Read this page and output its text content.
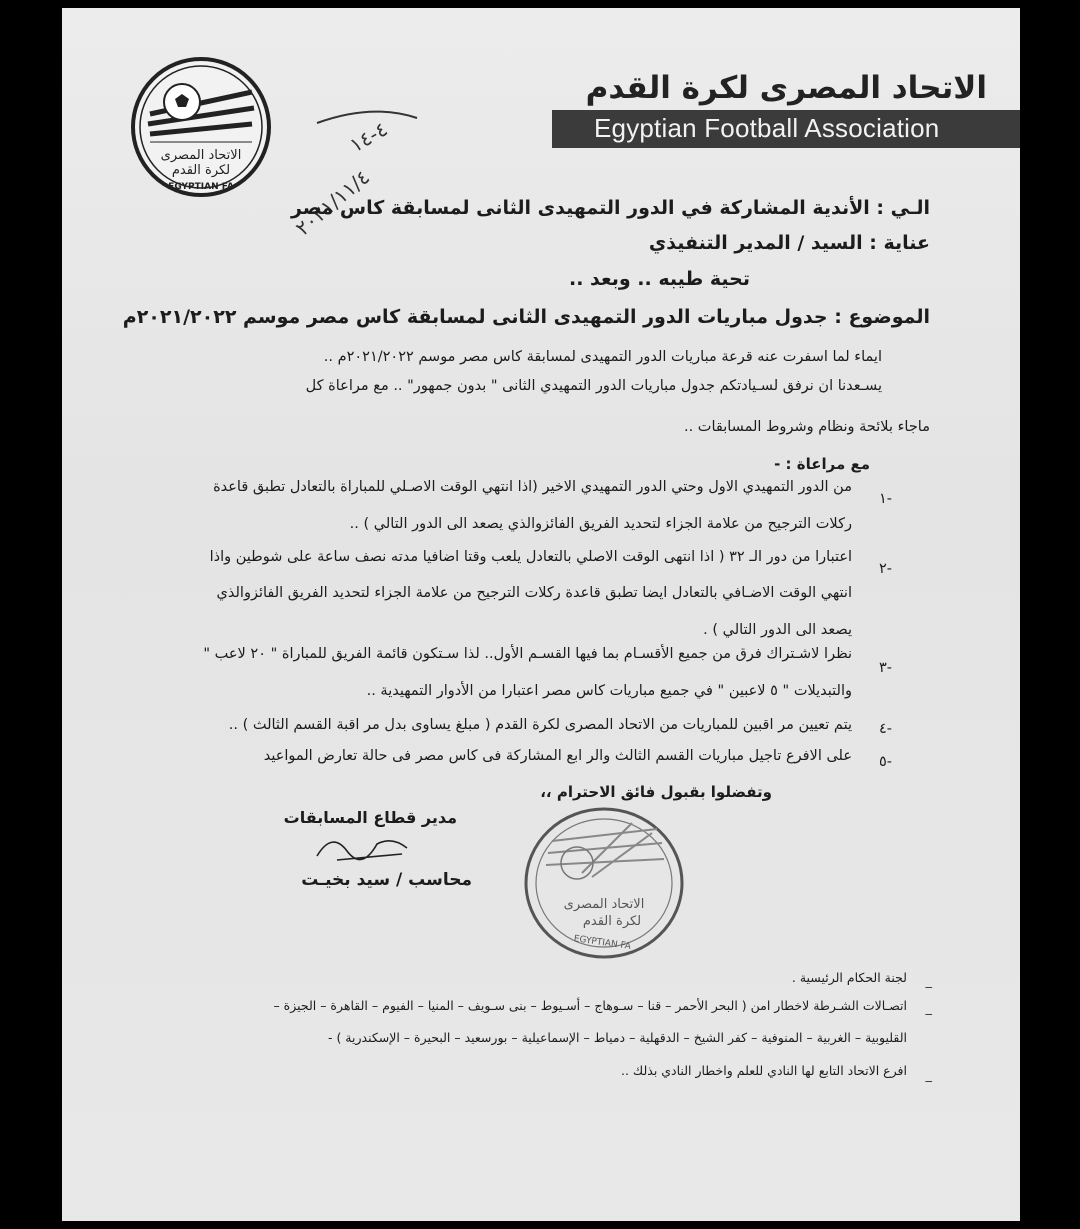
الاتحاد المصرى
لكرة القدم
EGYPTIAN FA
الاتحاد المصرى لكرة القدم
Egyptian Football Association
٤-١٤
٢٠٢١/١١/٤	الـي : الأندية المشاركة في الدور التمهيدى الثانى لمسابقة كاس مصر
عناية : السيد / المدير التنفيذي
تحية طيبه .. وبعد ..
الموضوع : جدول مباريات الدور التمهيدى الثانى لمسابقة كاس مصر موسم ٢٠٢١/٢٠٢٢م
ايماء لما اسفرت عنه قرعة مباريات الدور التمهيدى لمسابقة كاس مصر موسم ٢٠٢١/٢٠٢٢م ..
يسـعدنا ان نرفق لسـيادتكم جدول مباريات الدور التمهيدي الثانى " بدون جمهور" .. مع مراعاة كل
ماجاء بلائحة ونظام وشروط المسابقات ..
مع مراعاة : -
-١
من الدور التمهيدي الاول وحتي الدور التمهيدي الاخير (اذا انتهي الوقت الاصـلي للمباراة بالتعادل تطبق قاعدة
ركلات الترجيح من علامة الجزاء لتحديد الفريق الفائزوالذي يصعد الى الدور التالي ) ..
-٢
اعتبارا من دور الـ ٣٢ ( اذا انتهى الوقت الاصلي بالتعادل يلعب وقتا اضافيا مدته نصف ساعة على شوطين واذا
انتهي الوقت الاضـافي بالتعادل ايضا تطبق قاعدة ركلات الترجيح من علامة الجزاء لتحديد الفريق الفائزوالذي
يصعد الى الدور التالي ) .
-٣
نظرا لاشـتراك فرق من جميع الأقسـام بما فيها القسـم الأول.. لذا سـتكون قائمة الفريق للمباراة " ٢٠ لاعب "
والتبديلات " ٥ لاعبين " في جميع مباريات كاس مصر اعتبارا من الأدوار التمهيدية ..
-٤
يتم تعيين مر اقبين للمباريات من الاتحاد المصرى لكرة القدم ( مبلغ يساوى بدل مر اقبة القسم الثالث ) ..
-٥
على الافرع تاجيل مباريات القسم الثالث والر ابع المشاركة فى كاس مصر فى حالة تعارض المواعيد
وتفضلوا بقبول فائق الاحترام ،،
مدير قطاع المسابقات
محاسب / سيد بخيـت
الاتحاد المصرى
لكرة القدم
EGYPTIAN FA
_
لجنة الحكام الرئيسية .
_
اتصـالات الشـرطة لاخطار امن ( البحر الأحمر – قنا – سـوهاج – أسـيوط – بنى سـويف – المنيا – الفيوم – القاهرة – الجيزة –
القليوبية – الغربية – المنوفية – كفر الشيخ – الدقهلية – دمياط – الإسماعيلية – بورسعيد – البحيرة – الإسكندرية ) -
_
افرع الاتحاد التابع لها النادي للعلم واخطار النادي بذلك ..
